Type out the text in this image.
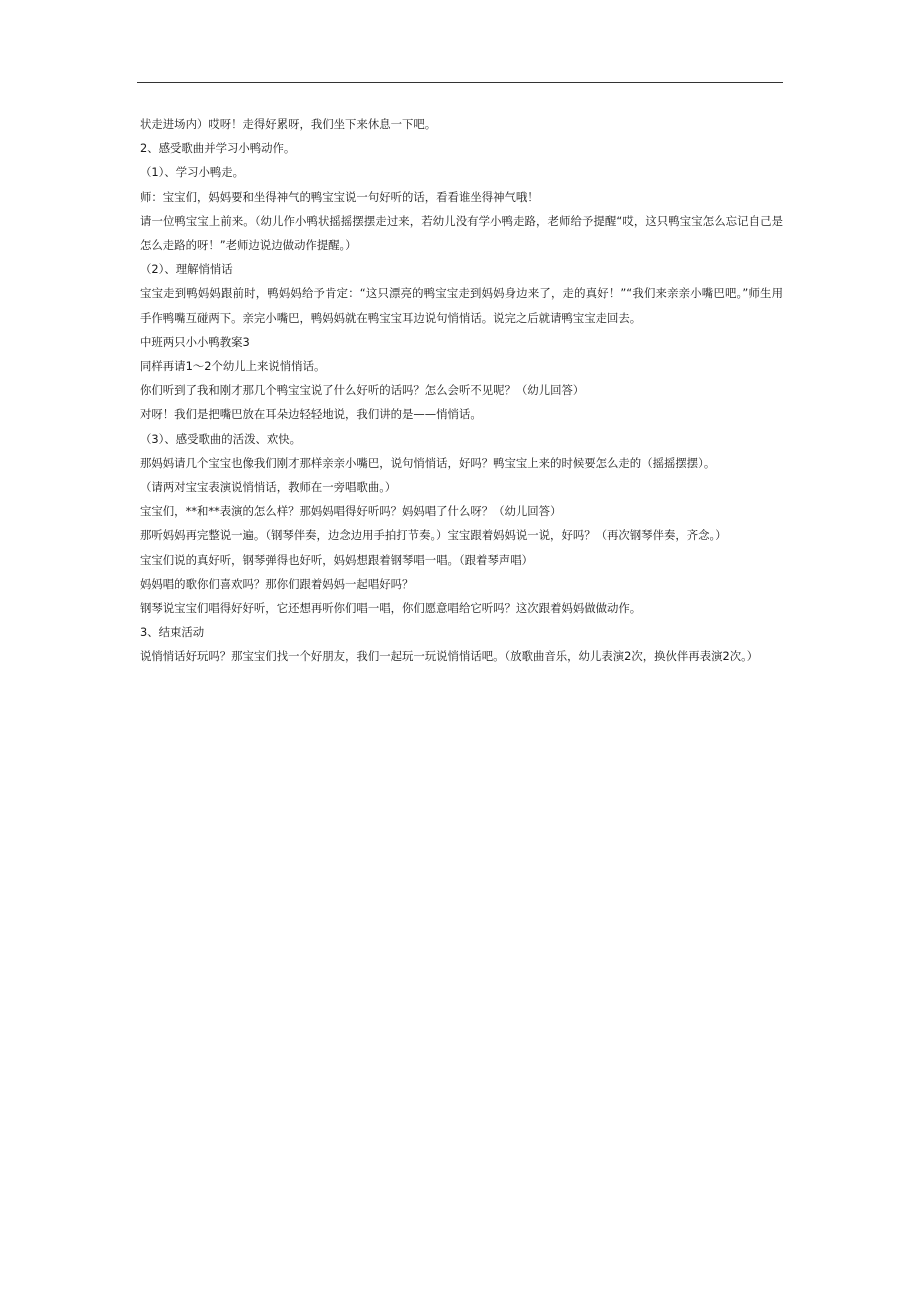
状走进场内）哎呀！走得好累呀，我们坐下来休息一下吧。

2、感受歌曲并学习小鸭动作。

（1）、学习小鸭走。

师：宝宝们，妈妈要和坐得神气的鸭宝宝说一句好听的话，看看谁坐得神气哦！

请一位鸭宝宝上前来。（幼儿作小鸭状摇摇摆摆走过来，若幼儿没有学小鸭走路，老师给予提醒“哎，这只鸭宝宝怎么忘记自己是怎么走路的呀！”老师边说边做动作提醒。）

（2）、理解悄悄话

宝宝走到鸭妈妈跟前时，鸭妈妈给予肯定：“这只漂亮的鸭宝宝走到妈妈身边来了，走的真好！”“我们来亲亲小嘴巴吧。”师生用手作鸭嘴互碰两下。亲完小嘴巴，鸭妈妈就在鸭宝宝耳边说句悄悄话。说完之后就请鸭宝宝走回去。

中班两只小小鸭教案3

同样再请1～2个幼儿上来说悄悄话。

你们听到了我和刚才那几个鸭宝宝说了什么好听的话吗？怎么会听不见呢？（幼儿回答）

对呀！我们是把嘴巴放在耳朵边轻轻地说，我们讲的是——悄悄话。

（3）、感受歌曲的活泼、欢快。

那妈妈请几个宝宝也像我们刚才那样亲亲小嘴巴，说句悄悄话，好吗？鸭宝宝上来的时候要怎么走的（摇摇摆摆）。

（请两对宝宝表演说悄悄话，教师在一旁唱歌曲。）

宝宝们，**和**表演的怎么样？那妈妈唱得好听吗？妈妈唱了什么呀？（幼儿回答）

那听妈妈再完整说一遍。（钢琴伴奏，边念边用手拍打节奏。）宝宝跟着妈妈说一说，好吗？（再次钢琴伴奏，齐念。）

宝宝们说的真好听，钢琴弹得也好听，妈妈想跟着钢琴唱一唱。（跟着琴声唱）

妈妈唱的歌你们喜欢吗？那你们跟着妈妈一起唱好吗？

钢琴说宝宝们唱得好好听，它还想再听你们唱一唱，你们愿意唱给它听吗？这次跟着妈妈做做动作。

3、结束活动

说悄悄话好玩吗？那宝宝们找一个好朋友，我们一起玩一玩说悄悄话吧。（放歌曲音乐，幼儿表演2次，换伙伴再表演2次。）
